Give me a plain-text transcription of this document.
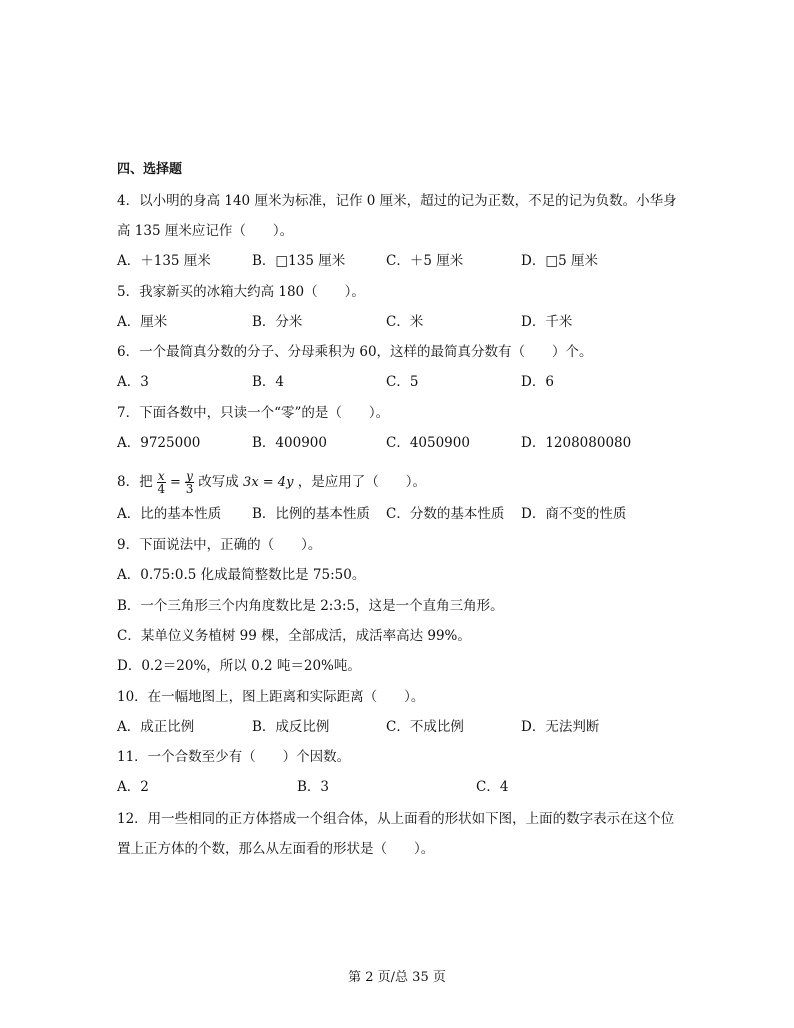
四、选择题
4．以小明的身高 140 厘米为标准，记作 0 厘米，超过的记为正数，不足的记为负数。小华身
高 135 厘米应记作（　　）。
A．＋135 厘米	B．□135 厘米	C．＋5 厘米	D．□5 厘米
5．我家新买的冰箱大约高 180（　　）。
A．厘米	B．分米	C．米	D．千米
6．一个最简真分数的分子、分母乘积为 60，这样的最简真分数有（　　）个。
A．3	B．4	C．5	D．6
7．下面各数中，只读一个“零”的是（　　）。
A．9725000	B．400900	C．4050900	D．1208080080
8．把 $\frac{x}{4} = \frac{y}{3}$ 改写成 3x = 4y ，是应用了（　　）。
A．比的基本性质 B．比例的基本性质 C．分数的基本性质 D．商不变的性质
9．下面说法中，正确的（　　）。
A．0.75:0.5 化成最简整数比是 75:50。
B．一个三角形三个内角度数比是 2:3:5，这是一个直角三角形。
C．某单位义务植树 99 棵，全部成活，成活率高达 99%。
D．0.2＝20%，所以 0.2 吨＝20%吨。
10．在一幅地图上，图上距离和实际距离（　　）。
A．成正比例	B．成反比例	C．不成比例	D．无法判断
11．一个合数至少有（　　）个因数。
A．2	B．3	C．4
12．用一些相同的正方体搭成一个组合体，从上面看的形状如下图，上面的数字表示在这个位
置上正方体的个数，那么从左面看的形状是（　　）。
第 2 页/总 35 页
